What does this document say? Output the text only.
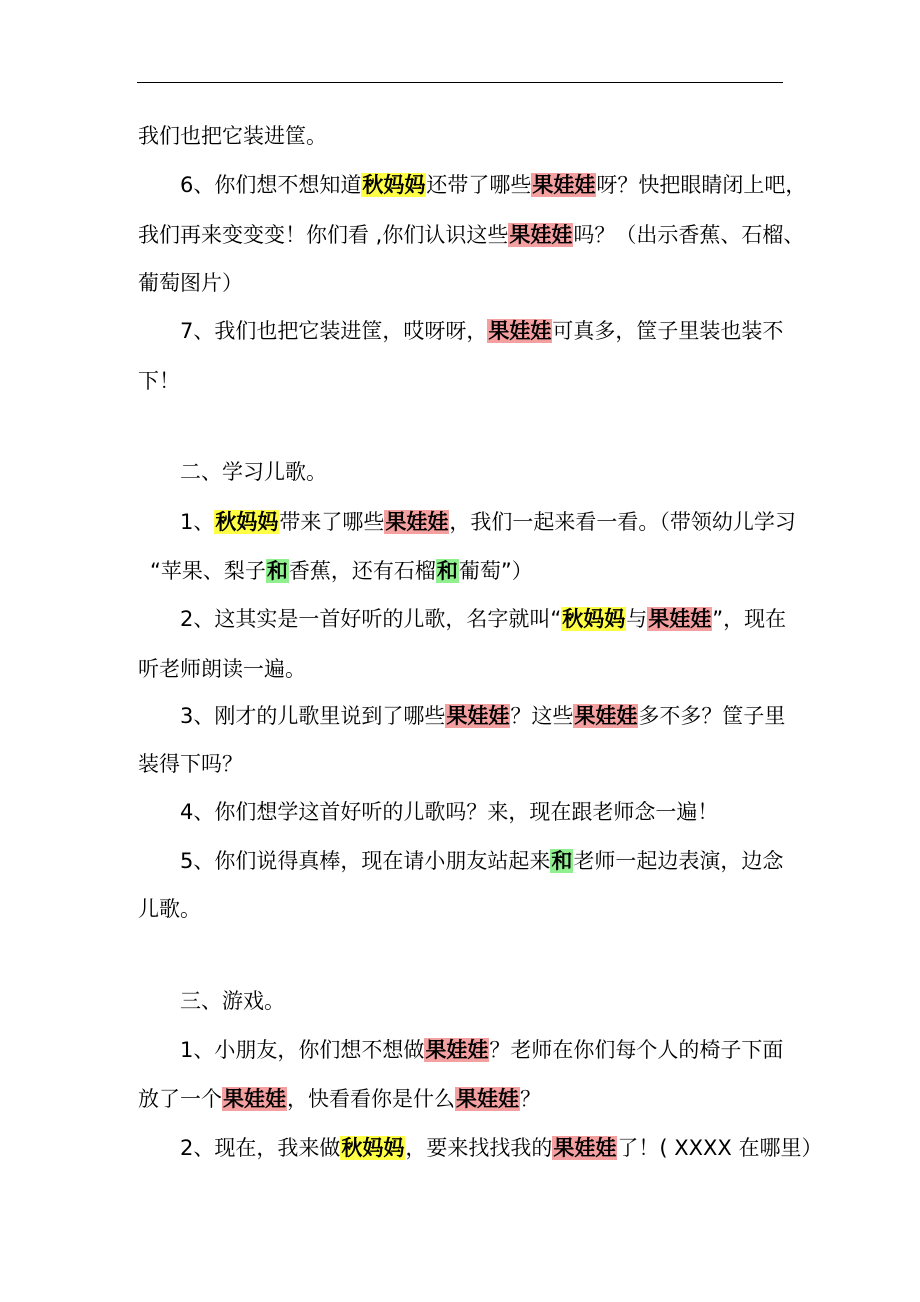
我们也把它装进筐。
6、你们想不想知道秋妈妈还带了哪些果娃娃呀？快把眼睛闭上吧，
我们再来变变变！你们看 ,你们认识这些果娃娃吗？（出示香蕉、石榴、
葡萄图片）
7、我们也把它装进筐，哎呀呀，果娃娃可真多，筐子里装也装不
下！
二、学习儿歌。
1、秋妈妈带来了哪些果娃娃，我们一起来看一看。（带领幼儿学习
“苹果、梨子和香蕉，还有石榴和葡萄”）
2、这其实是一首好听的儿歌，名字就叫“秋妈妈与果娃娃”，现在
听老师朗读一遍。
3、刚才的儿歌里说到了哪些果娃娃？这些果娃娃多不多？筐子里
装得下吗？
4、你们想学这首好听的儿歌吗？来，现在跟老师念一遍！
5、你们说得真棒，现在请小朋友站起来和老师一起边表演，边念
儿歌。
三、游戏。
1、小朋友，你们想不想做果娃娃？老师在你们每个人的椅子下面
放了一个果娃娃，快看看你是什么果娃娃？
2、现在，我来做秋妈妈，要来找找我的果娃娃了！( XXXX 在哪里）
